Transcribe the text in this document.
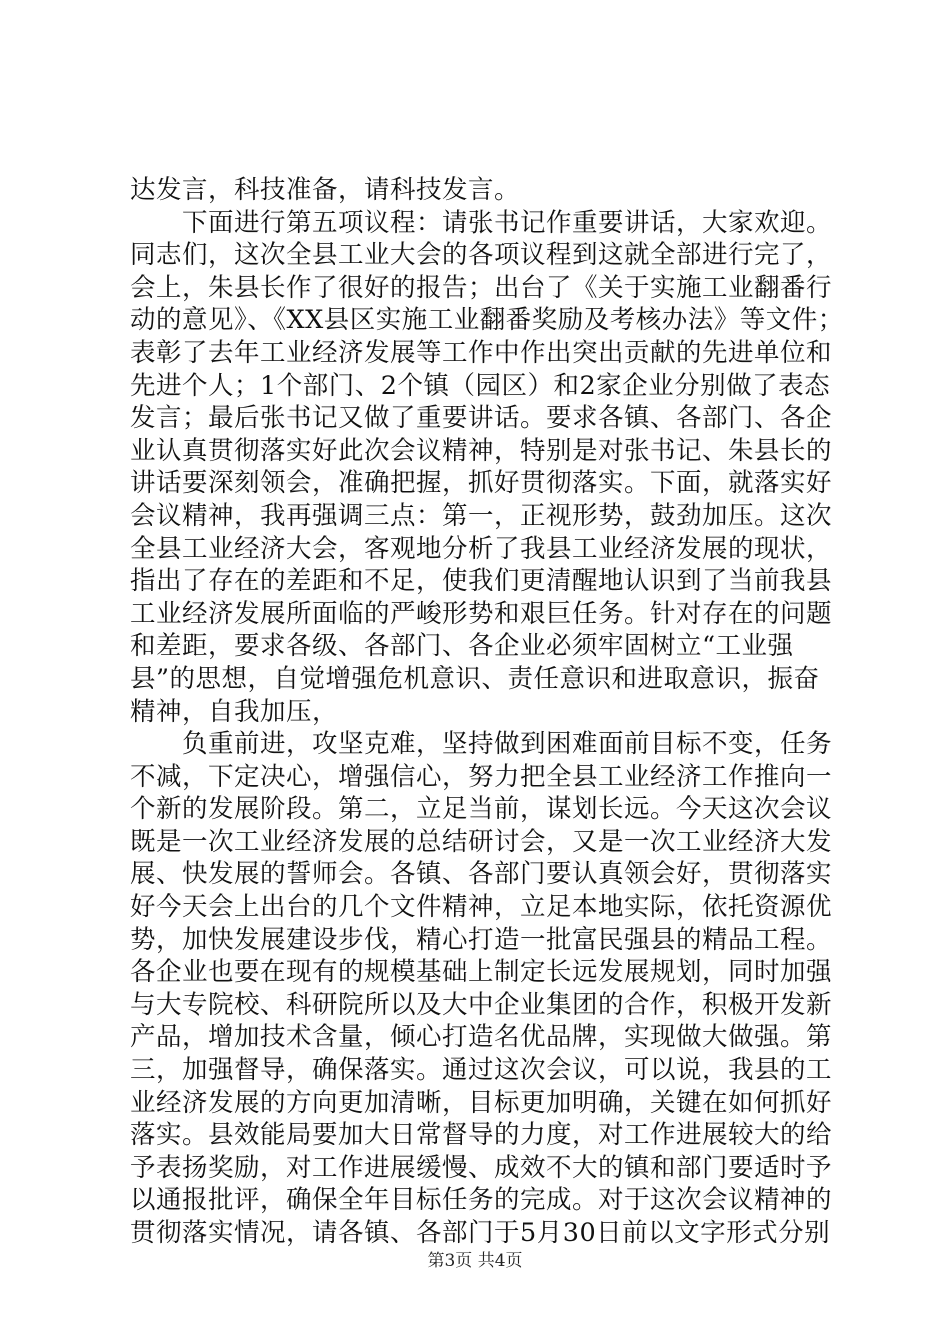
达发言，科技准备，请科技发言。
　　下面进行第五项议程：请张书记作重要讲话，大家欢迎。
同志们，这次全县工业大会的各项议程到这就全部进行完了，
会上，朱县长作了很好的报告；出台了《关于实施工业翻番行
动的意见》、《XX县区实施工业翻番奖励及考核办法》等文件；
表彰了去年工业经济发展等工作中作出突出贡献的先进单位和
先进个人；1个部门、2个镇（园区）和2家企业分别做了表态
发言；最后张书记又做了重要讲话。要求各镇、各部门、各企
业认真贯彻落实好此次会议精神，特别是对张书记、朱县长的
讲话要深刻领会，准确把握，抓好贯彻落实。下面，就落实好
会议精神，我再强调三点：第一，正视形势，鼓劲加压。这次
全县工业经济大会，客观地分析了我县工业经济发展的现状，
指出了存在的差距和不足，使我们更清醒地认识到了当前我县
工业经济发展所面临的严峻形势和艰巨任务。针对存在的问题
和差距，要求各级、各部门、各企业必须牢固树立“工业强
县”的思想，自觉增强危机意识、责任意识和进取意识，振奋
精神，自我加压，
　　负重前进，攻坚克难，坚持做到困难面前目标不变，任务
不减，下定决心，增强信心，努力把全县工业经济工作推向一
个新的发展阶段。第二，立足当前，谋划长远。今天这次会议
既是一次工业经济发展的总结研讨会，又是一次工业经济大发
展、快发展的誓师会。各镇、各部门要认真领会好，贯彻落实
好今天会上出台的几个文件精神，立足本地实际，依托资源优
势，加快发展建设步伐，精心打造一批富民强县的精品工程。
各企业也要在现有的规模基础上制定长远发展规划，同时加强
与大专院校、科研院所以及大中企业集团的合作，积极开发新
产品，增加技术含量，倾心打造名优品牌，实现做大做强。第
三，加强督导，确保落实。通过这次会议，可以说，我县的工
业经济发展的方向更加清晰，目标更加明确，关键在如何抓好
落实。县效能局要加大日常督导的力度，对工作进展较大的给
予表扬奖励，对工作进展缓慢、成效不大的镇和部门要适时予
以通报批评，确保全年目标任务的完成。对于这次会议精神的
贯彻落实情况，请各镇、各部门于5月30日前以文字形式分别
第3页 共4页
